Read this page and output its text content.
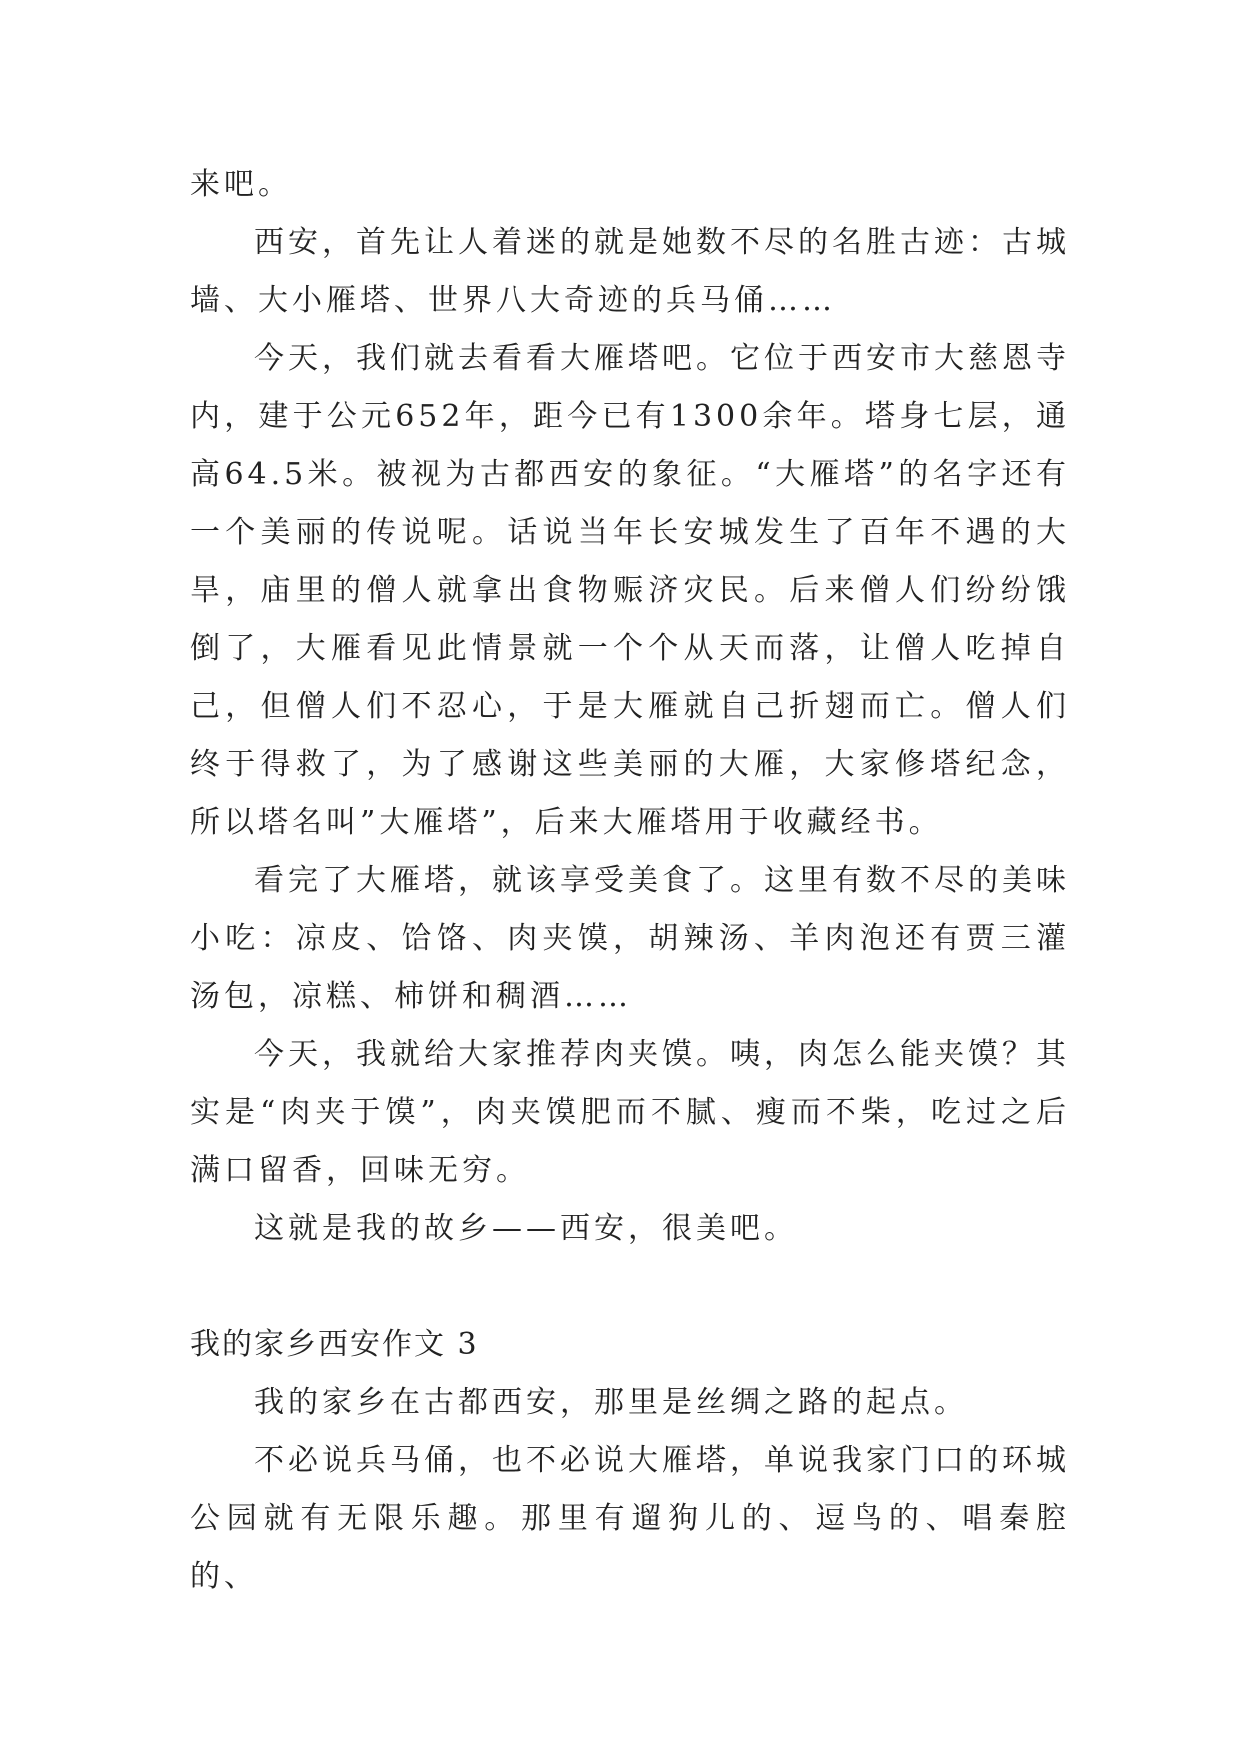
来吧。

西安，首先让人着迷的就是她数不尽的名胜古迹：古城墙、大小雁塔、世界八大奇迹的兵马俑……

今天，我们就去看看大雁塔吧。它位于西安市大慈恩寺内，建于公元652年，距今已有1300余年。塔身七层，通高64.5米。被视为古都西安的象征。“大雁塔”的名字还有一个美丽的传说呢。话说当年长安城发生了百年不遇的大旱，庙里的僧人就拿出食物赈济灾民。后来僧人们纷纷饿倒了，大雁看见此情景就一个个从天而落，让僧人吃掉自己，但僧人们不忍心，于是大雁就自己折翅而亡。僧人们终于得救了，为了感谢这些美丽的大雁，大家修塔纪念，所以塔名叫”大雁塔”，后来大雁塔用于收藏经书。

看完了大雁塔，就该享受美食了。这里有数不尽的美味小吃：凉皮、饸饹、肉夹馍，胡辣汤、羊肉泡还有贾三灌汤包，凉糕、柿饼和稠酒……

今天，我就给大家推荐肉夹馍。咦，肉怎么能夹馍？其实是“肉夹于馍”，肉夹馍肥而不腻、瘦而不柴，吃过之后满口留香，回味无穷。

这就是我的故乡——西安，很美吧。

我的家乡西安作文 3

我的家乡在古都西安，那里是丝绸之路的起点。

不必说兵马俑，也不必说大雁塔，单说我家门口的环城公园就有无限乐趣。那里有遛狗儿的、逗鸟的、唱秦腔的、
